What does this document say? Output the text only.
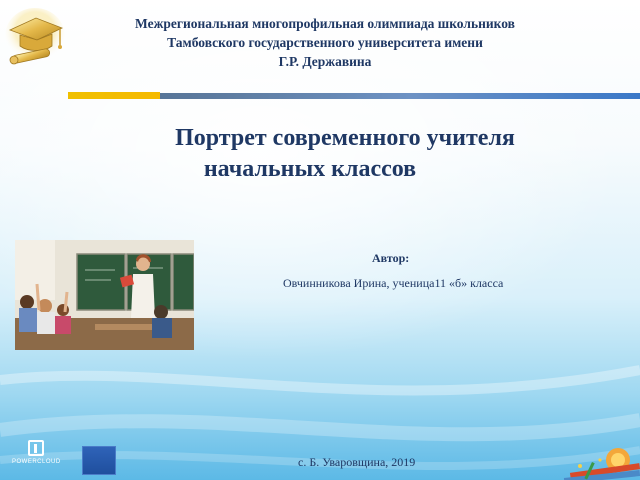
Межрегиональная многопрофильная олимпиада школьников
Тамбовского государственного университета имени
Г.Р. Державина
Портрет современного учителя
начальных классов
Автор:
Овчинникова Ирина, ученица11 «б» класса
POWERCLOUD	с. Б. Уваровщина, 2019
